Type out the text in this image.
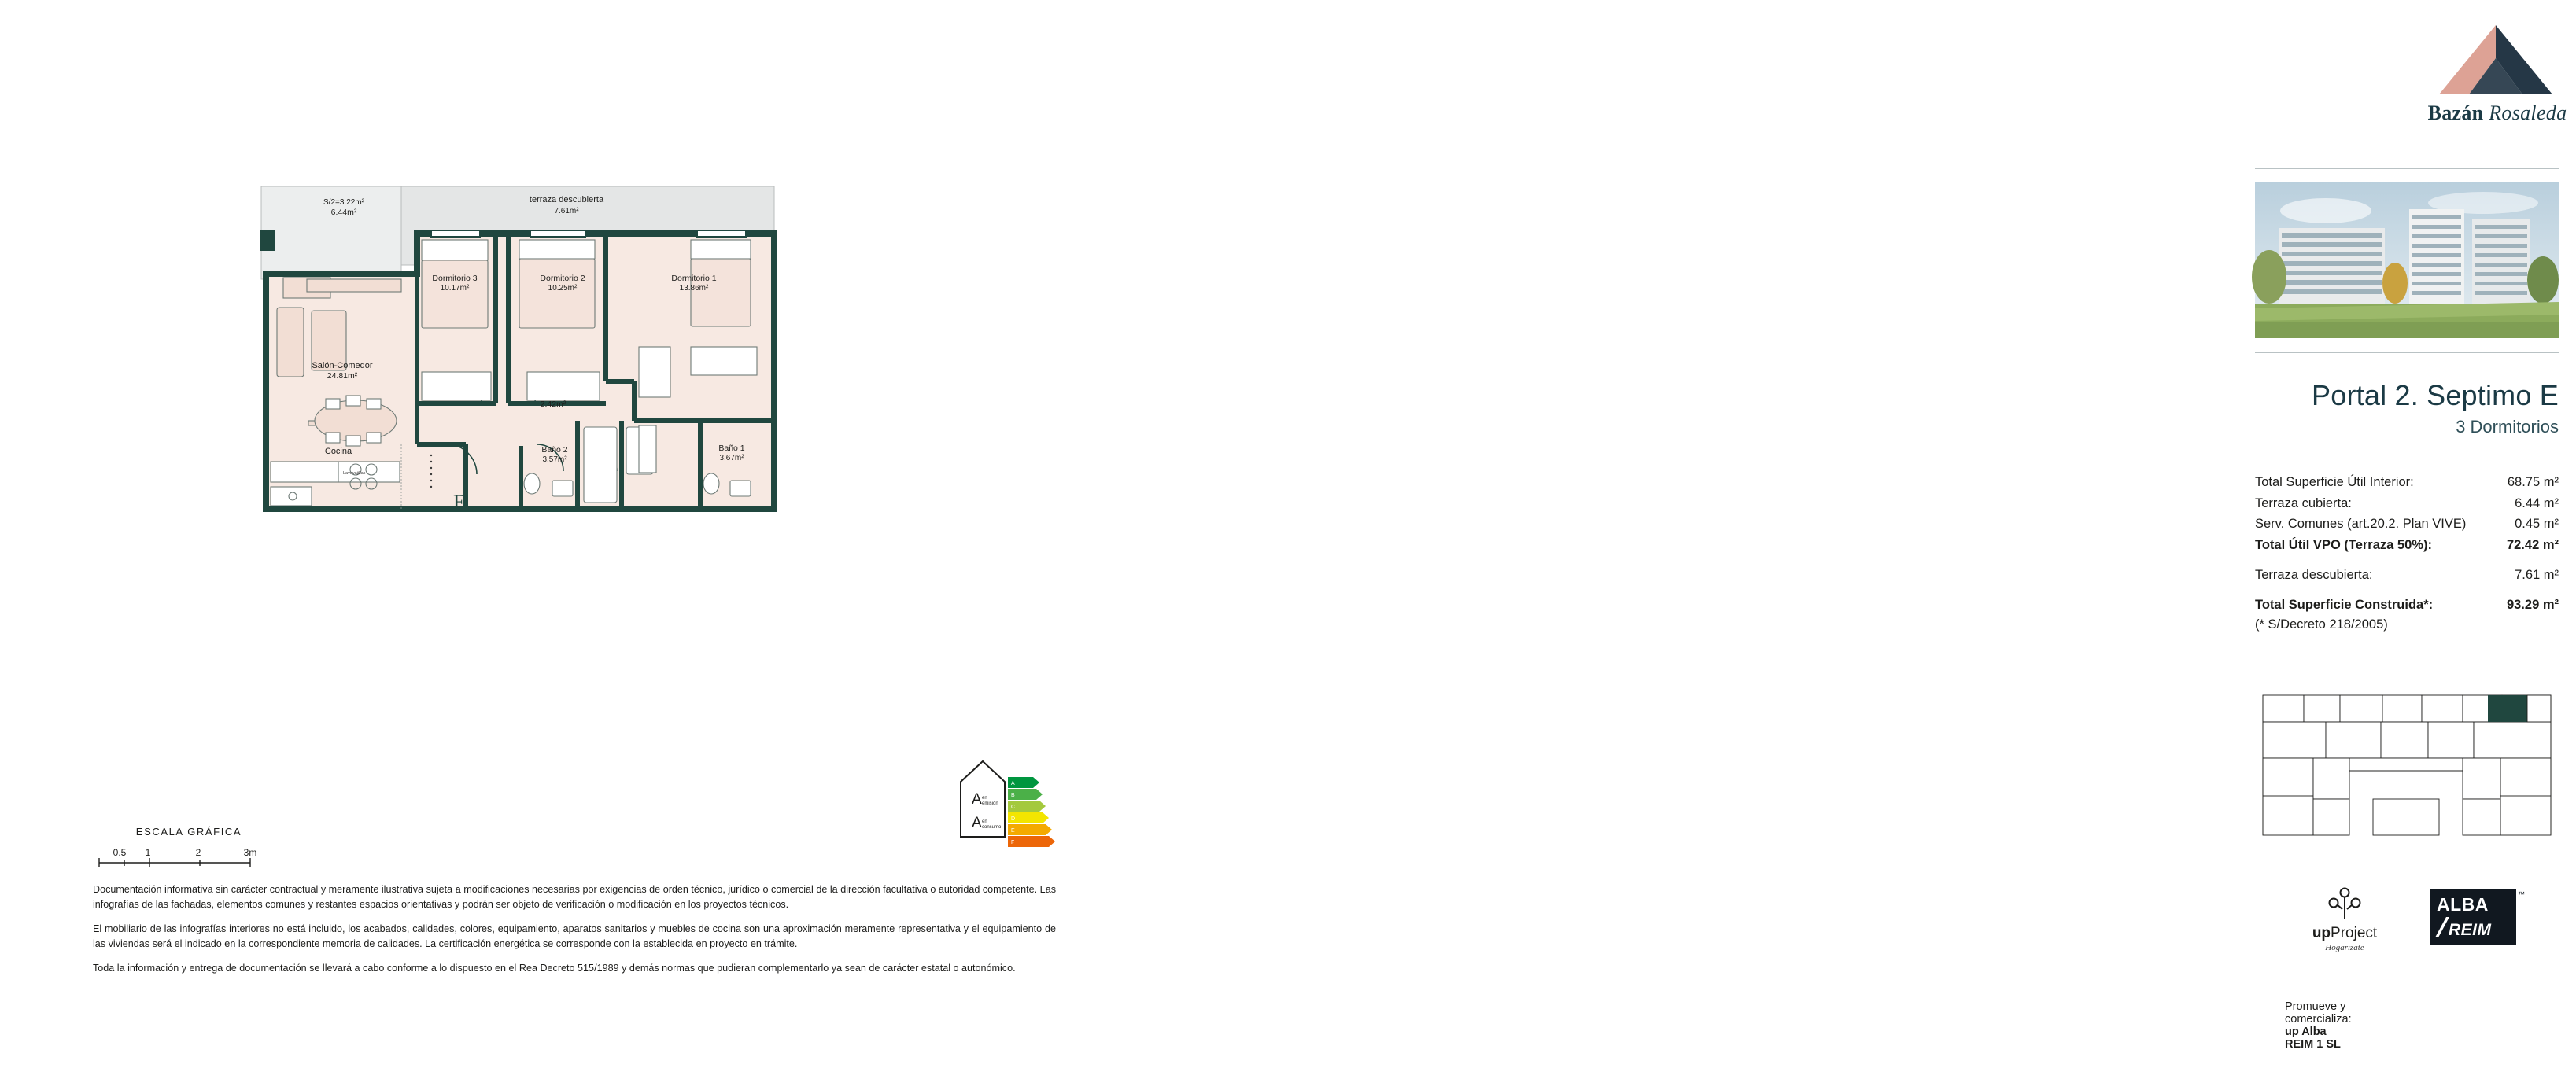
Lavavajillas
terraza descubierta
7.61m²
S/2=3.22m²
6.44m²
Dormitorio 3
10.17m²
Dormitorio 2
10.25m²
Dormitorio 1
13.86m²
Salón-Comedor
24.81m²
Cocina
2.42m²
Baño 2
3.57m²
Baño 1
3.67m²
E
ESCALA GRÁFICA
0.5 1	2	3m
A en
emisión
A en
consumo
A
B
C
D
E
F

Documentación informativa sin carácter contractual y meramente ilustrativa sujeta a modificaciones necesarias por exigencias de orden técnico, jurídico o comercial de la dirección facultativa o autoridad competente. Las infografías de las fachadas, elementos comunes y restantes espacios orientativas y podrán ser objeto de verificación o modificación en los proyectos técnicos.

El mobiliario de las infografías interiores no está incluido, los acabados, calidades, colores, equipamiento, aparatos sanitarios y muebles de cocina son una aproximación meramente representativa y el equipamiento de las viviendas será el indicado en la correspondiente memoria de calidades. La certificación energética se corresponde con la establecida en proyecto en trámite.

Toda la información y entrega de documentación se llevará a cabo conforme a lo dispuesto en el Rea Decreto 515/1989 y demás normas que pudieran complementarlo ya sean de carácter estatal o autonómico.

Bazán Rosaleda
Portal 2. Septimo E
3 Dormitorios
Total Superficie Útil Interior:	68.75 m²
Terraza cubierta:	6.44 m²
Serv. Comunes (art.20.2. Plan VIVE)	0.45 m²
Total Útil VPO (Terraza 50%):	72.42 m²
Terraza descubierta:	7.61 m²
Total Superficie Construida*:	93.29 m²
(* S/Decreto 218/2005)
upProject
Hogarízate
ALBA
REIM
™
Promueve y comercializa:  up Alba REIM 1 SL
